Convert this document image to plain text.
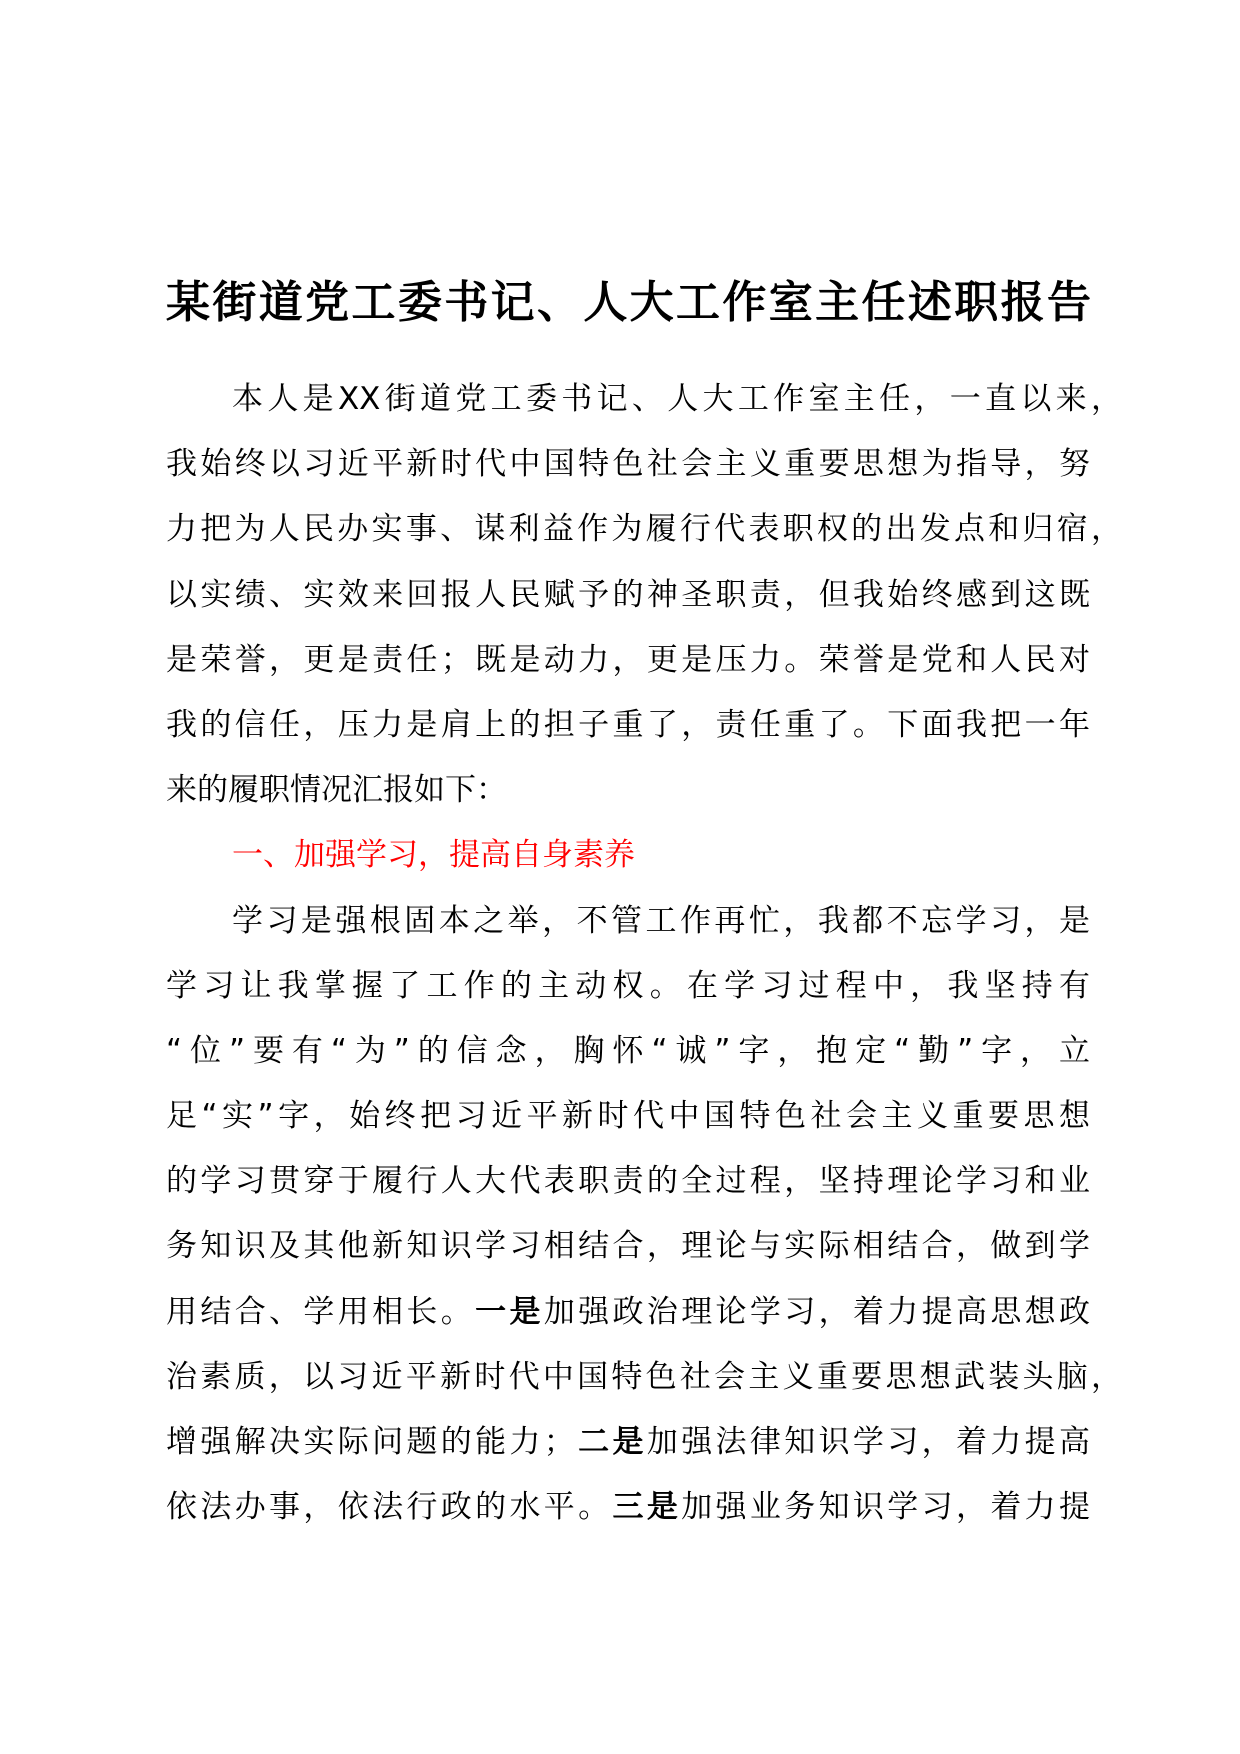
某街道党工委书记、人大工作室主任述职报告
本人是XX街道党工委书记、人大工作室主任，一直以来，
我始终以习近平新时代中国特色社会主义重要思想为指导，努
力把为人民办实事、谋利益作为履行代表职权的出发点和归宿，
以实绩、实效来回报人民赋予的神圣职责，但我始终感到这既
是荣誉，更是责任；既是动力，更是压力。荣誉是党和人民对
我的信任，压力是肩上的担子重了，责任重了。下面我把一年
来的履职情况汇报如下：
一、加强学习，提高自身素养
学习是强根固本之举，不管工作再忙，我都不忘学习，是
学习让我掌握了工作的主动权。在学习过程中，我坚持有
“位”要有“为”的信念，胸怀“诚”字，抱定“勤”字，立
足“实”字，始终把习近平新时代中国特色社会主义重要思想
的学习贯穿于履行人大代表职责的全过程，坚持理论学习和业
务知识及其他新知识学习相结合，理论与实际相结合，做到学
用结合、学用相长。一是加强政治理论学习，着力提高思想政
治素质，以习近平新时代中国特色社会主义重要思想武装头脑，
增强解决实际问题的能力；二是加强法律知识学习，着力提高
依法办事，依法行政的水平。三是加强业务知识学习，着力提
